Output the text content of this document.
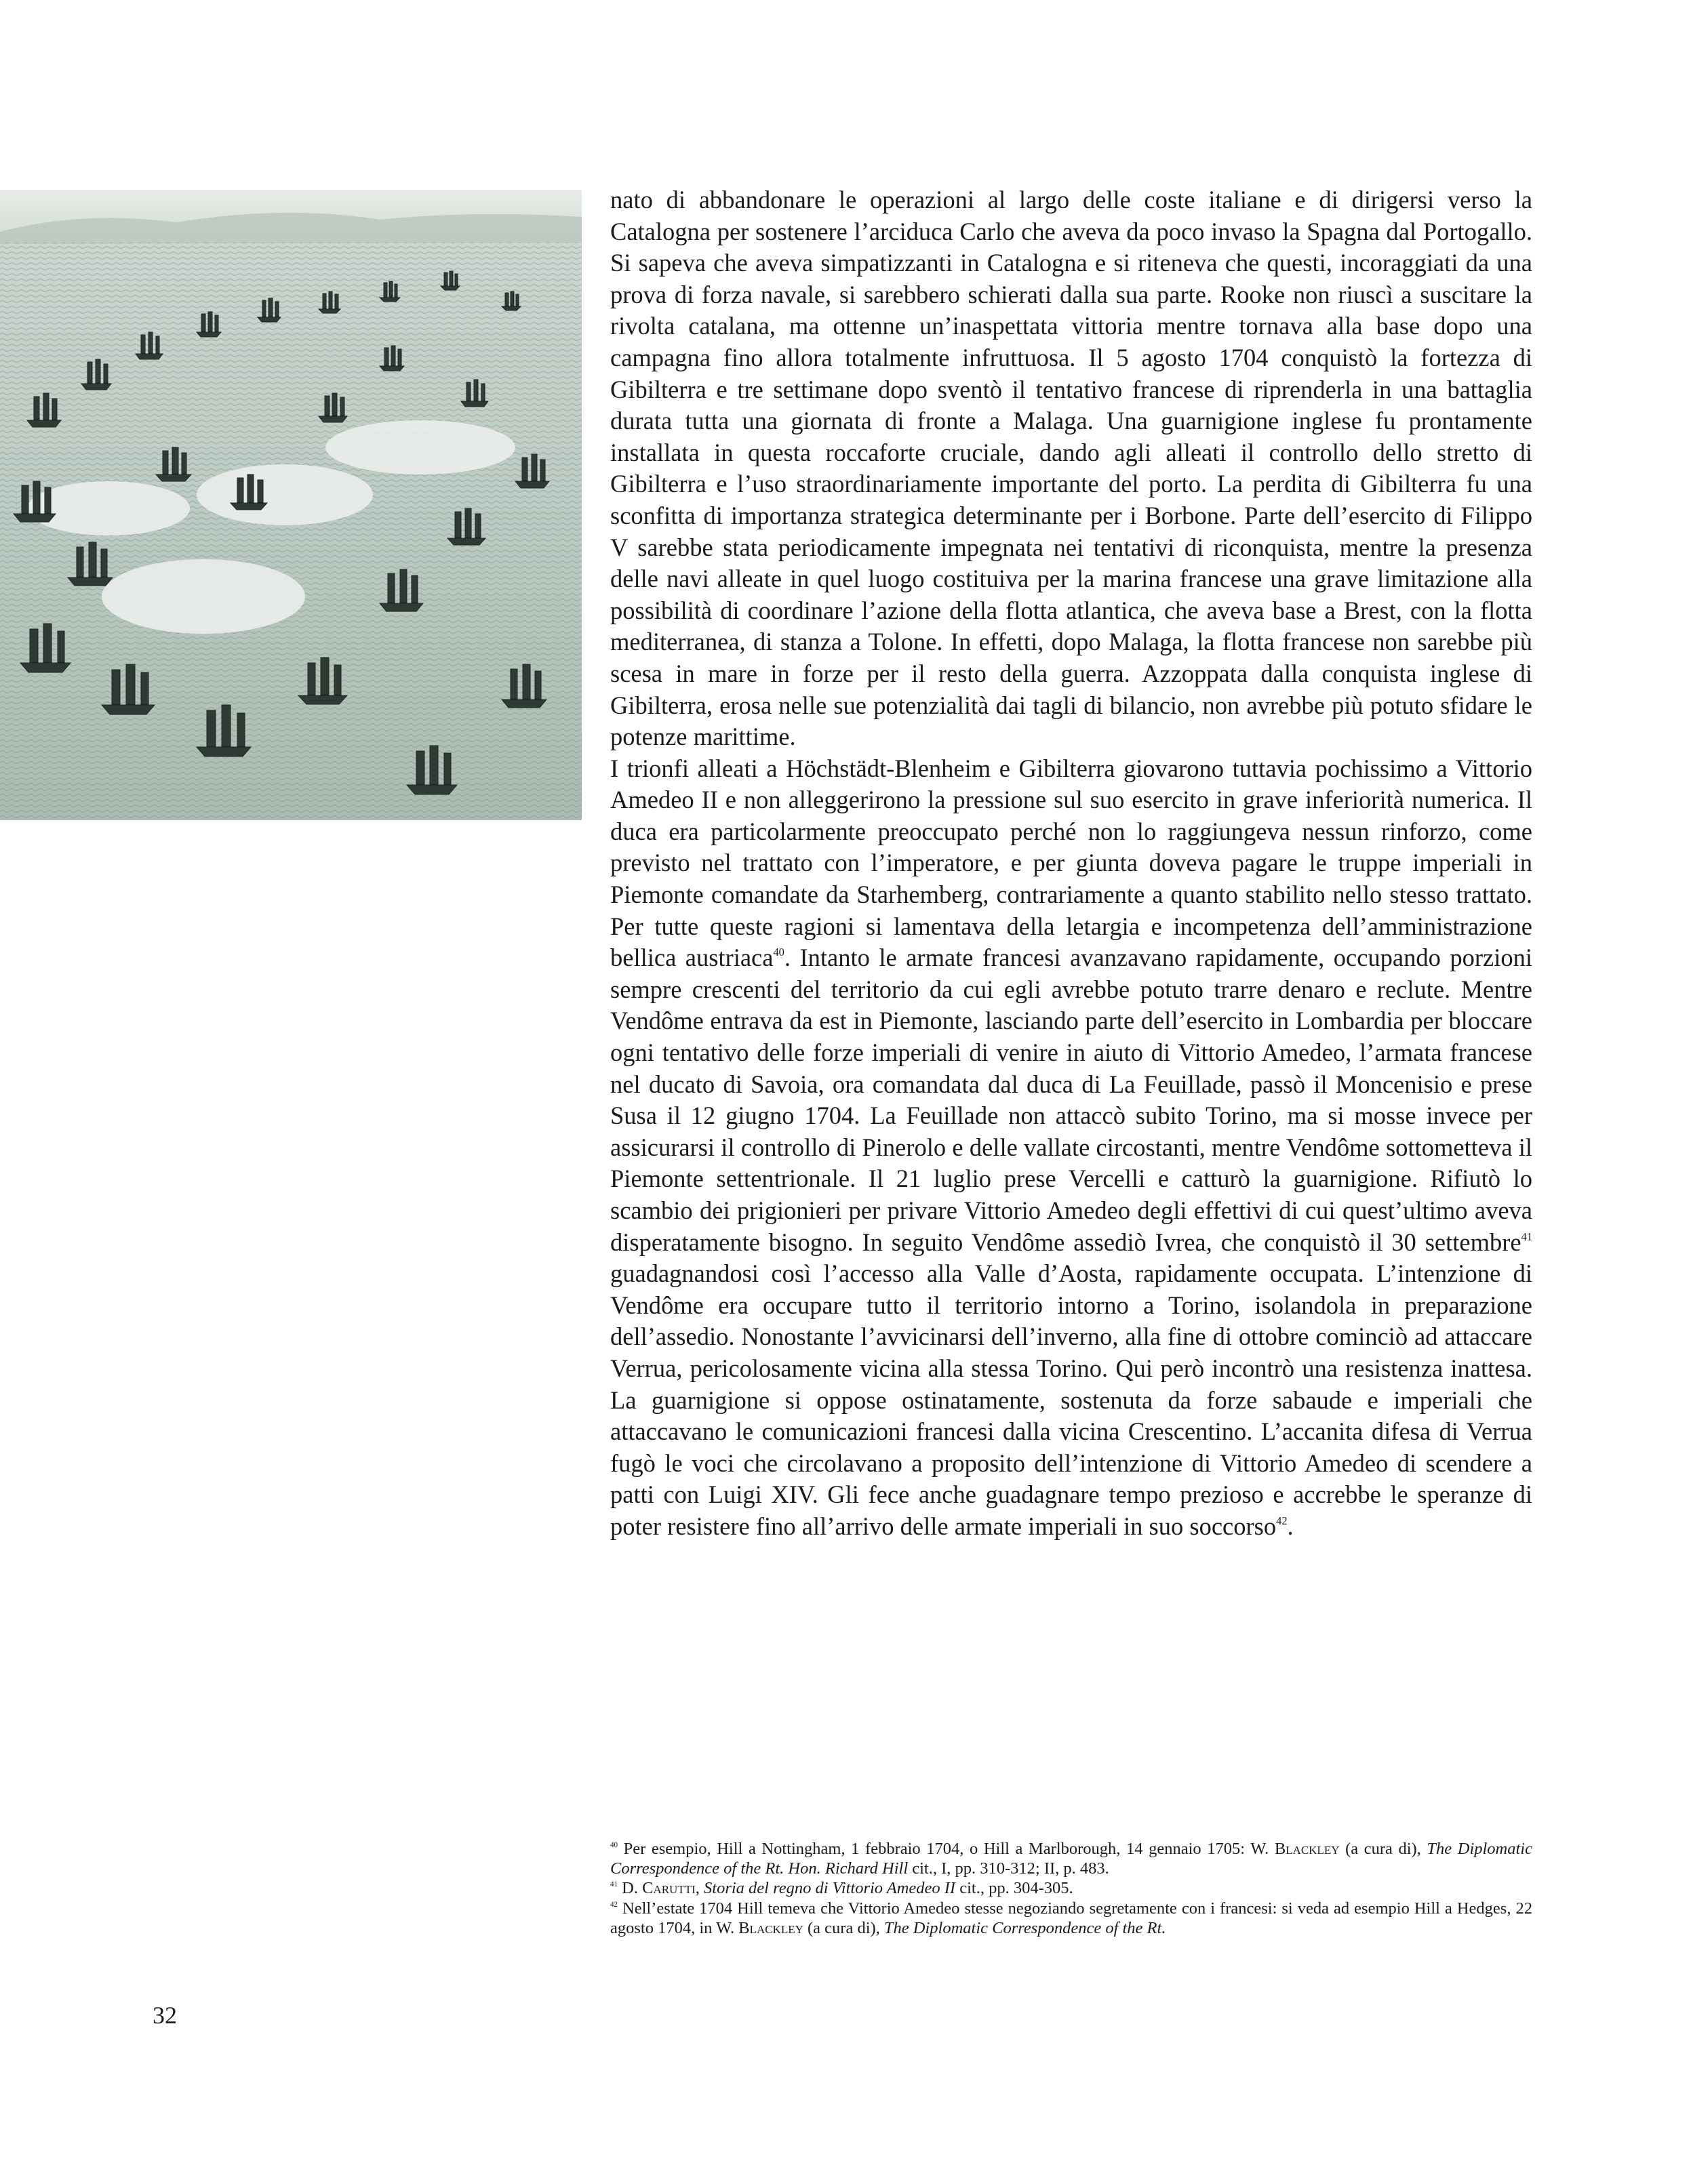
nato di abbandonare le operazioni al largo delle coste italiane e di dirigersi verso la Catalogna per sostenere l’arciduca Carlo che aveva da poco invaso la Spagna dal Portogallo. Si sapeva che aveva simpatizzanti in Catalogna e si riteneva che questi, incoraggiati da una prova di forza navale, si sarebbero schierati dalla sua parte. Rooke non riuscì a suscitare la rivolta catalana, ma ottenne un’inaspettata vittoria mentre tornava alla base dopo una campagna fino allora totalmente infruttuosa. Il 5 agosto 1704 conquistò la fortezza di Gibilterra e tre settimane dopo sventò il tentativo francese di riprenderla in una battaglia durata tutta una giornata di fronte a Malaga. Una guarnigione inglese fu prontamente installata in questa roccaforte cruciale, dando agli alleati il controllo dello stretto di Gibilterra e l’uso straordinariamente importante del porto. La perdita di Gibilterra fu una sconfitta di importanza strategica determinante per i Borbone. Parte dell’esercito di Filippo V sarebbe stata periodicamente impegnata nei tentativi di riconquista, mentre la presenza delle navi alleate in quel luogo costituiva per la marina francese una grave limitazione alla possibilità di coordinare l’azione della flotta atlantica, che aveva base a Brest, con la flotta mediterranea, di stanza a Tolone. In effetti, dopo Malaga, la flotta francese non sarebbe più scesa in mare in forze per il resto della guerra. Azzoppata dalla conquista inglese di Gibilterra, erosa nelle sue potenzialità dai tagli di bilancio, non avrebbe più potuto sfidare le potenze marittime.

I trionfi alleati a Höchstädt-Blenheim e Gibilterra giovarono tuttavia pochissimo a Vittorio Amedeo II e non alleggerirono la pressione sul suo esercito in grave inferiorità numerica. Il duca era particolarmente preoccupato perché non lo raggiungeva nessun rinforzo, come previsto nel trattato con l’imperatore, e per giunta doveva pagare le truppe imperiali in Piemonte comandate da Starhemberg, contrariamente a quanto stabilito nello stesso trattato. Per tutte queste ragioni si lamentava della letargia e incompetenza dell’amministrazione bellica austriaca$^{40}$. Intanto le armate francesi avanzavano rapidamente, occupando porzioni sempre crescenti del territorio da cui egli avrebbe potuto trarre denaro e reclute. Mentre Vendôme entrava da est in Piemonte, lasciando parte dell’esercito in Lombardia per bloccare ogni tentativo delle forze imperiali di venire in aiuto di Vittorio Amedeo, l’armata francese nel ducato di Savoia, ora comandata dal duca di La Feuillade, passò il Moncenisio e prese Susa il 12 giugno 1704. La Feuillade non attaccò subito Torino, ma si mosse invece per assicurarsi il controllo di Pinerolo e delle vallate circostanti, mentre Vendôme sottometteva il Piemonte settentrionale. Il 21 luglio prese Vercelli e catturò la guarnigione. Rifiutò lo scambio dei prigionieri per privare Vittorio Amedeo degli effettivi di cui quest’ultimo aveva disperatamente bisogno. In seguito Vendôme assediò Ivrea, che conquistò il 30 settembre$^{41}$ guadagnandosi così l’accesso alla Valle d’Aosta, rapidamente occupata. L’intenzione di Vendôme era occupare tutto il territorio intorno a Torino, isolandola in preparazione dell’assedio. Nonostante l’avvicinarsi dell’inverno, alla fine di ottobre cominciò ad attaccare Verrua, pericolosamente vicina alla stessa Torino. Qui però incontrò una resistenza inattesa. La guarnigione si oppose ostinatamente, sostenuta da forze sabaude e imperiali che attaccavano le comunicazioni francesi dalla vicina Crescentino. L’accanita difesa di Verrua fugò le voci che circolavano a proposito dell’intenzione di Vittorio Amedeo di scendere a patti con Luigi XIV. Gli fece anche guadagnare tempo prezioso e accrebbe le speranze di poter resistere fino all’arrivo delle armate imperiali in suo soccorso$^{42}$.

$^{40}$ Per esempio, Hill a Nottingham, 1 febbraio 1704, o Hill a Marlborough, 14 gennaio 1705: W. Blackley (a cura di), The Diplomatic Correspondence of the Rt. Hon. Richard Hill cit., I, pp. 310-312; II, p. 483.

$^{41}$ D. Carutti, Storia del regno di Vittorio Amedeo II cit., pp. 304-305.

$^{42}$ Nell’estate 1704 Hill temeva che Vittorio Amedeo stesse negoziando segretamente con i francesi: si veda ad esempio Hill a Hedges, 22 agosto 1704, in W. Blackley (a cura di), The Diplomatic Correspondence of the Rt.

32
